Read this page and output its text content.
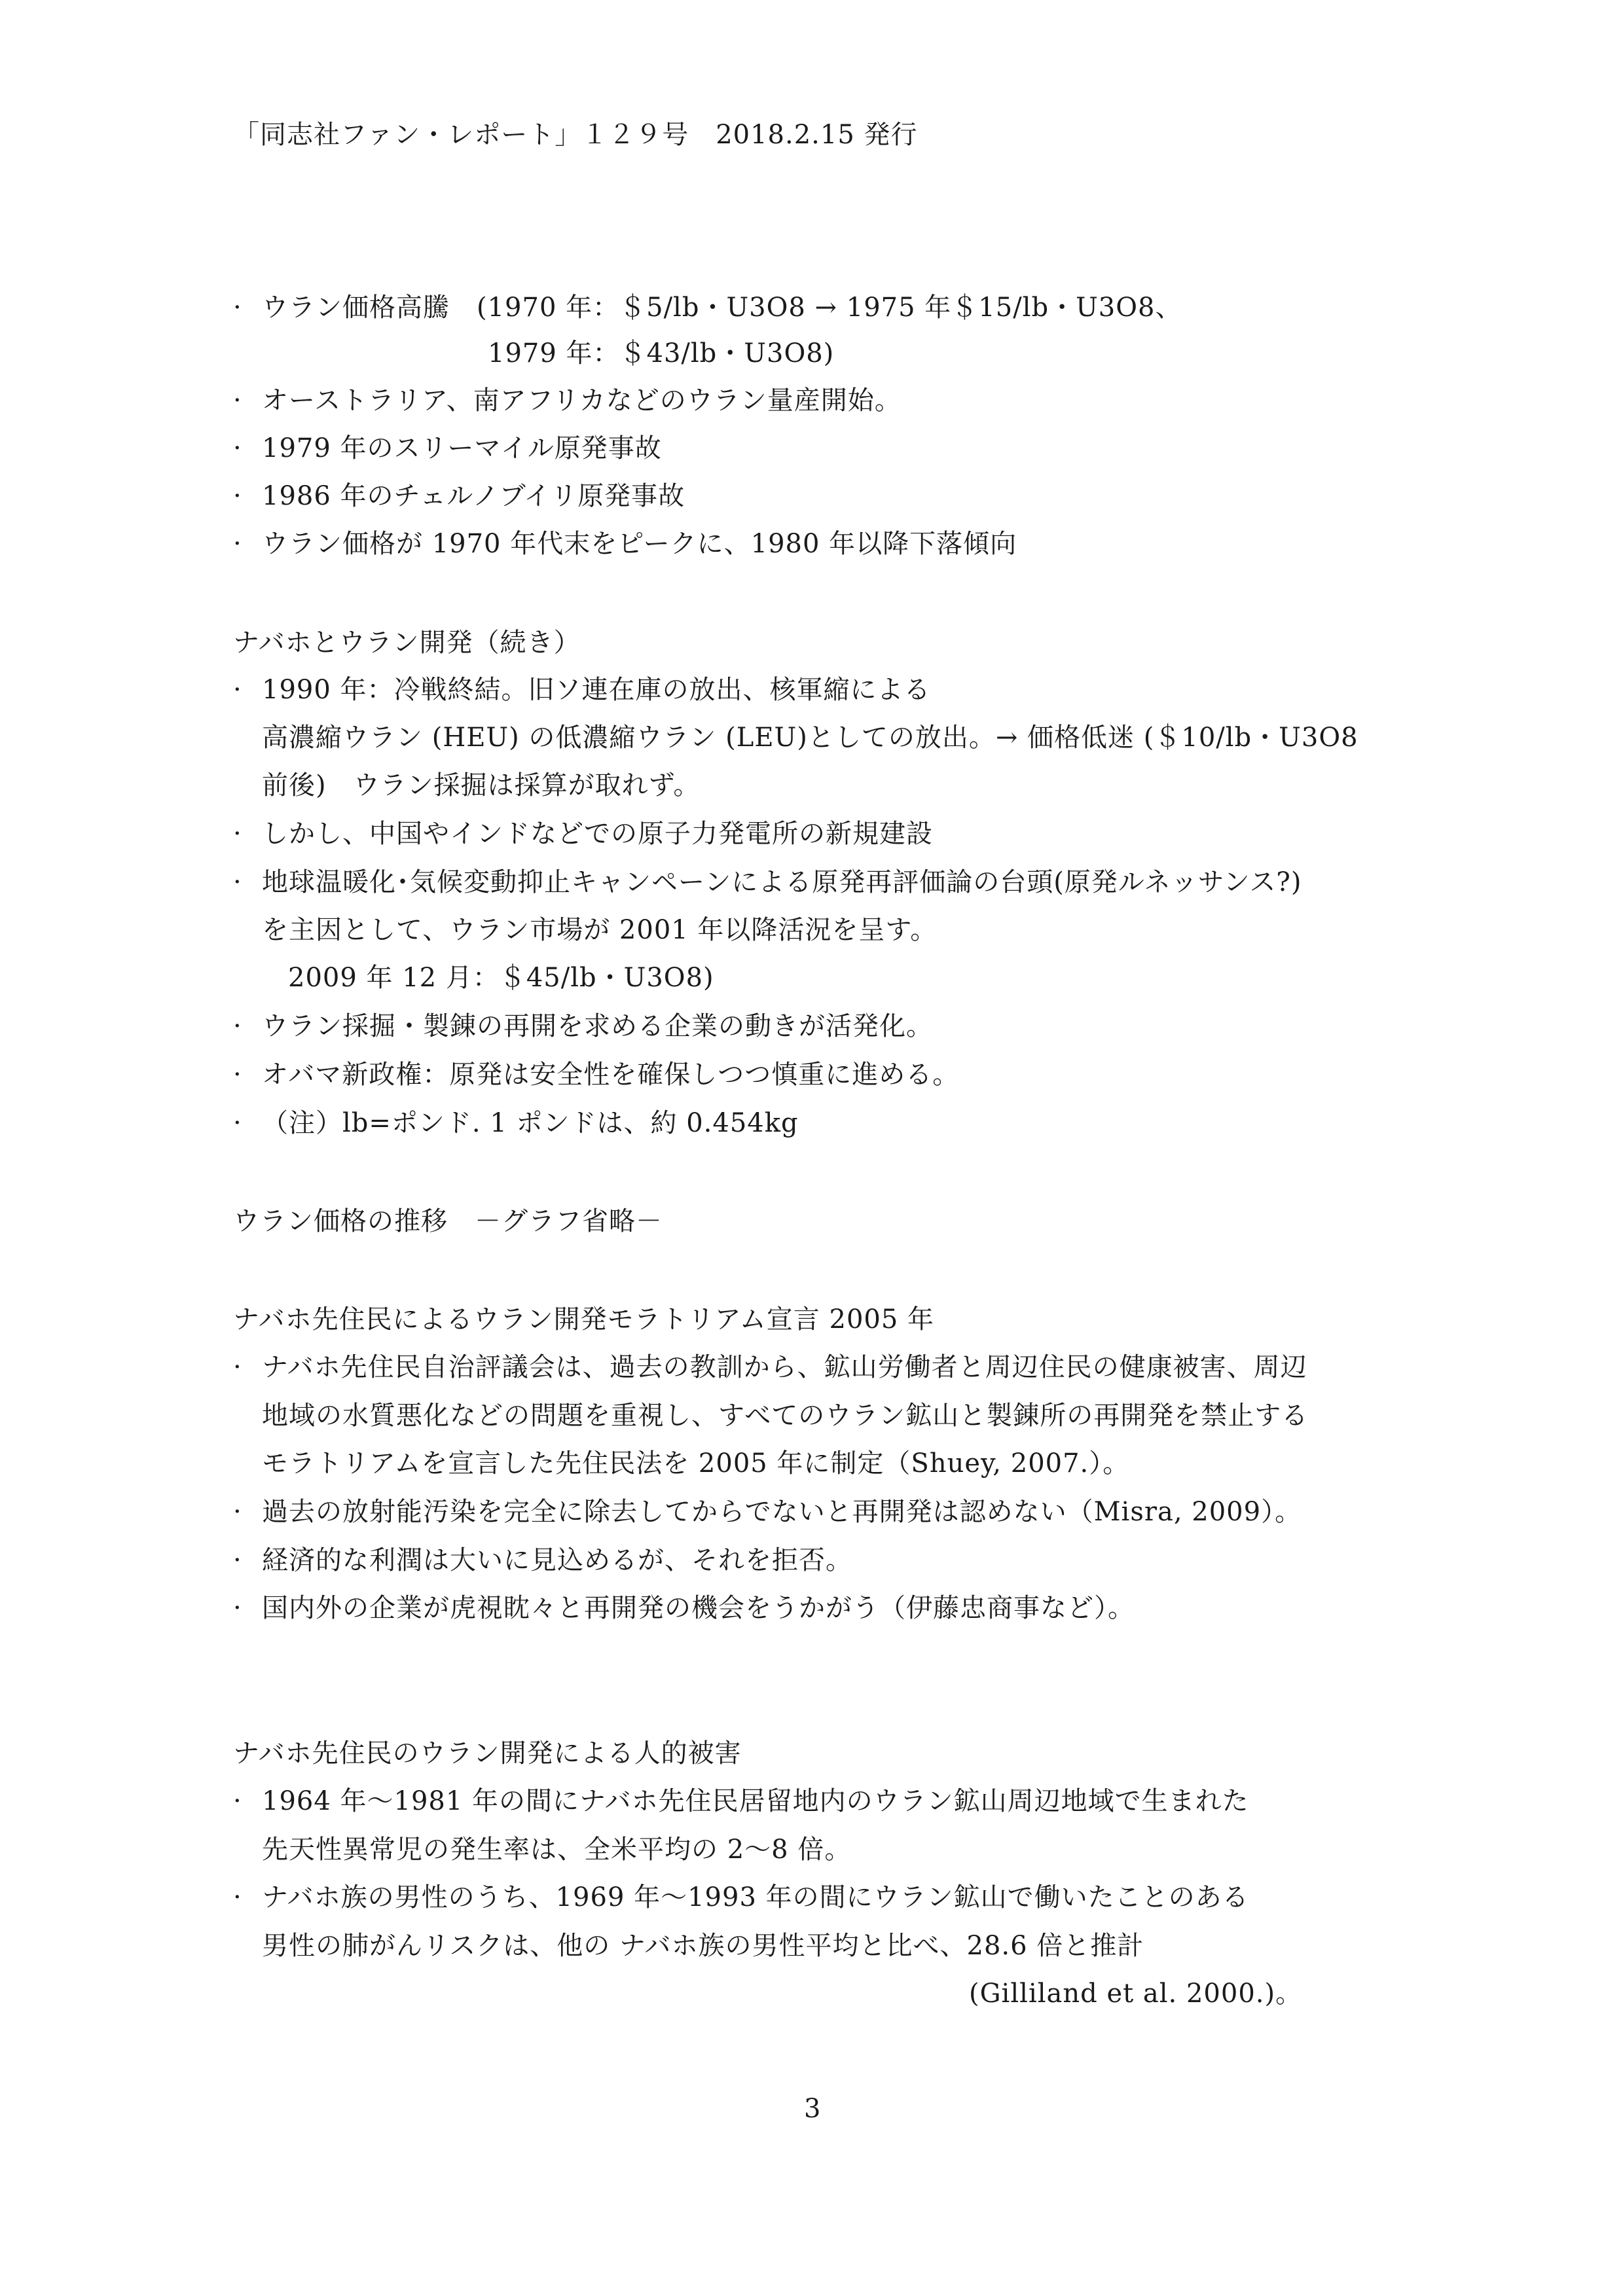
「同志社ファン・レポート」１２９号　2018.2.15 発行
· ウラン価格高騰　(1970 年：＄5/lb・U3O8 → 1975 年＄15/lb・U3O8、
1979 年：＄43/lb・U3O8)
· オーストラリア、南アフリカなどのウラン量産開始。
· 1979 年のスリーマイル原発事故
· 1986 年のチェルノブイリ原発事故
· ウラン価格が 1970 年代末をピークに、1980 年以降下落傾向
ナバホとウラン開発（続き）
· 1990 年：冷戦終結。旧ソ連在庫の放出、核軍縮による
高濃縮ウラン (HEU) の低濃縮ウラン (LEU)としての放出。→ 価格低迷 (＄10/lb・U3O8
前後)　ウラン採掘は採算が取れず。
· しかし、中国やインドなどでの原子力発電所の新規建設
· 地球温暖化･気候変動抑止キャンペーンによる原発再評価論の台頭(原発ルネッサンス?)
を主因として、ウラン市場が 2001 年以降活況を呈す。
2009 年 12 月：＄45/lb・U3O8)
· ウラン採掘・製錬の再開を求める企業の動きが活発化。
· オバマ新政権：原発は安全性を確保しつつ慎重に進める。
· （注）lb=ポンド. 1 ポンドは、約 0.454kg
ウラン価格の推移　－グラフ省略－
ナバホ先住民によるウラン開発モラトリアム宣言 2005 年
· ナバホ先住民自治評議会は、過去の教訓から、鉱山労働者と周辺住民の健康被害、周辺
地域の水質悪化などの問題を重視し、すべてのウラン鉱山と製錬所の再開発を禁止する
モラトリアムを宣言した先住民法を 2005 年に制定（Shuey, 2007.）。
· 過去の放射能汚染を完全に除去してからでないと再開発は認めない（Misra, 2009）。
· 経済的な利潤は大いに見込めるが、それを拒否。
· 国内外の企業が虎視眈々と再開発の機会をうかがう（伊藤忠商事など）。
ナバホ先住民のウラン開発による人的被害
· 1964 年～1981 年の間にナバホ先住民居留地内のウラン鉱山周辺地域で生まれた
先天性異常児の発生率は、全米平均の 2～8 倍。
· ナバホ族の男性のうち、1969 年～1993 年の間にウラン鉱山で働いたことのある
男性の肺がんリスクは、他の ナバホ族の男性平均と比べ、28.6 倍と推計
(Gilliland et al. 2000.)。
3
